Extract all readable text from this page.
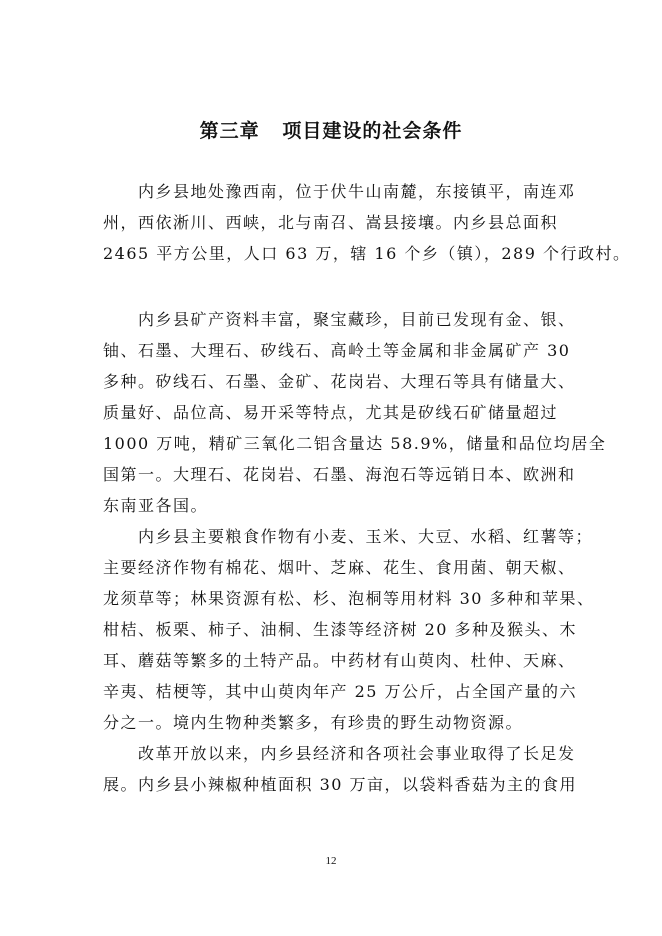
第三章   项目建设的社会条件
　　内乡县地处豫西南，位于伏牛山南麓，东接镇平，南连邓
州，西依淅川、西峡，北与南召、嵩县接壤。内乡县总面积
2465 平方公里，人口 63 万，辖 16 个乡（镇），289 个行政村。
　　内乡县矿产资料丰富，聚宝藏珍，目前已发现有金、银、
铀、石墨、大理石、矽线石、高岭土等金属和非金属矿产 30
多种。矽线石、石墨、金矿、花岗岩、大理石等具有储量大、
质量好、品位高、易开采等特点，尤其是矽线石矿储量超过
1000 万吨，精矿三氧化二铝含量达 58.9%，储量和品位均居全
国第一。大理石、花岗岩、石墨、海泡石等远销日本、欧洲和
东南亚各国。
　　内乡县主要粮食作物有小麦、玉米、大豆、水稻、红薯等；
主要经济作物有棉花、烟叶、芝麻、花生、食用菌、朝天椒、
龙须草等；林果资源有松、杉、泡桐等用材料 30 多种和苹果、
柑桔、板栗、柿子、油桐、生漆等经济树 20 多种及猴头、木
耳、蘑菇等繁多的土特产品。中药材有山萸肉、杜仲、天麻、
辛夷、桔梗等，其中山萸肉年产 25 万公斤，占全国产量的六
分之一。境内生物种类繁多，有珍贵的野生动物资源。
　　改革开放以来，内乡县经济和各项社会事业取得了长足发
展。内乡县小辣椒种植面积 30 万亩，以袋料香菇为主的食用
12
